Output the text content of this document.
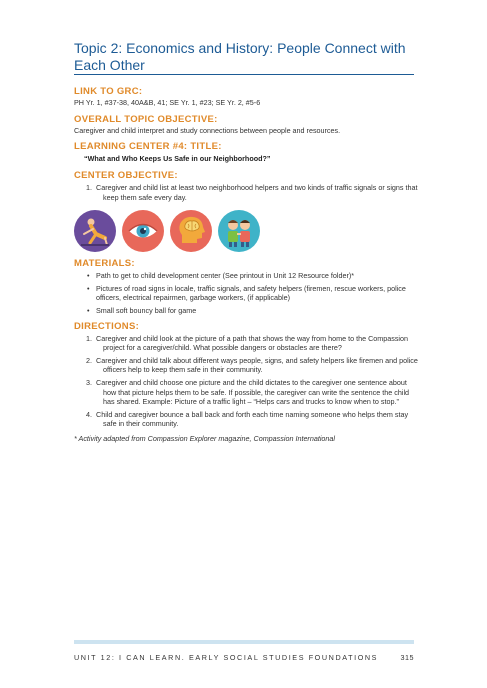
Topic 2: Economics and History: People Connect with Each Other

LINK TO GRC:

PH Yr. 1, #37-38, 40A&B, 41; SE Yr. 1, #23; SE Yr. 2, #5-6

OVERALL TOPIC OBJECTIVE:

Caregiver and child interpret and study connections between people and resources.

LEARNING CENTER #4: TITLE:

“What and Who Keeps Us Safe in our Neighborhood?”

CENTER OBJECTIVE:

1. Caregiver and child list at least two neighborhood helpers and two kinds of traffic signals or signs that keep them safe every day.

MATERIALS:

• Path to get to child development center (See printout in Unit 12 Resource folder)*
• Pictures of road signs in locale, traffic signals, and safety helpers (firemen, rescue workers, police officers, electrical repairmen, garbage workers, (if applicable)
• Small soft bouncy ball for game

DIRECTIONS:

1. Caregiver and child look at the picture of a path that shows the way from home to the Compassion project for a caregiver/child. What possible dangers or obstacles are there?
2. Caregiver and child talk about different ways people, signs, and safety helpers like firemen and police officers help to keep them safe in their community.
3. Caregiver and child choose one picture and the child dictates to the caregiver one sentence about how that picture helps them to be safe. If possible, the caregiver can write the sentence the child has shared. Example: Picture of a traffic light – “Helps cars and trucks to know when to stop.”
4. Child and caregiver bounce a ball back and forth each time naming someone who helps them stay safe in their community.

* Activity adapted from Compassion Explorer magazine, Compassion International

UNIT 12: I CAN LEARN. EARLY SOCIAL STUDIES FOUNDATIONS	315
